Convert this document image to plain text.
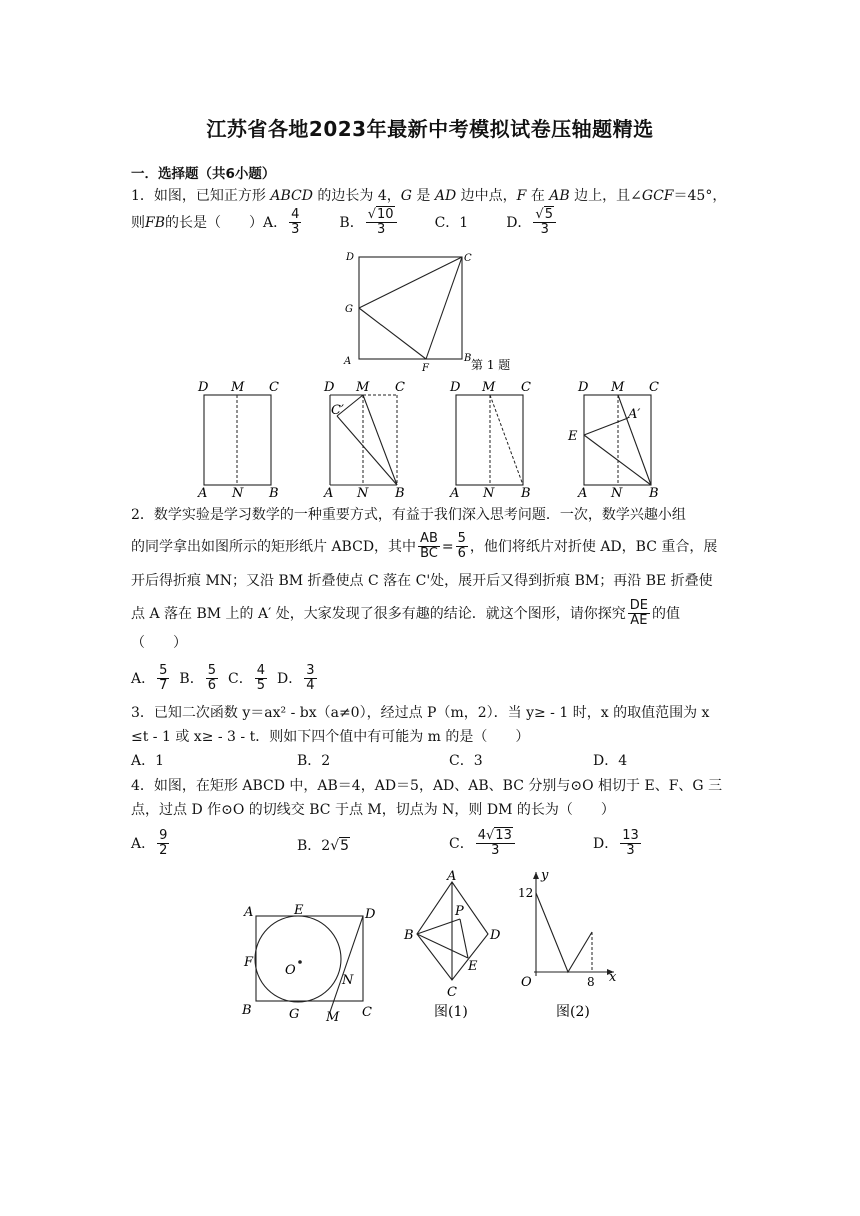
江苏省各地2023年最新中考模拟试卷压轴题精选
一．选择题（共6小题）
1．如图，已知正方形 ABCD 的边长为 4，G 是 AD 边中点，F 在 AB 边上，且∠GCF＝45°，
则 FB 的长是（　　）A． $\frac{4}{3}$	B． $\frac{√10}{3}$	C．1	D． $\frac{√5}{3}$
D	C
G
A
F
B 第 1 题
D M C
A N B
D M C
C′
A N B
D M C
A N B
D M C
E
A′
A N B
2．数学实验是学习数学的一种重要方式，有益于我们深入思考问题．一次，数学兴趣小组
的同学拿出如图所示的矩形纸片 ABCD，其中 $\frac{AB}{BC} = \frac{5}{6}$ ，他们将纸片对折使 AD，BC 重合，展
开后得折痕 MN；又沿 BM 折叠使点 C 落在 C'处，展开后又得到折痕 BM；再沿 BE 折叠使
点 A 落在 BM 上的 A′ 处，大家发现了很多有趣的结论．就这个图形，请你探究 $\frac{DE}{AE}$ 的值
（　　）
A． $\frac{5}{7}$ B． $\frac{5}{6}$ C． $\frac{4}{5}$ D． $\frac{3}{4}$
3．已知二次函数 y＝ax² - bx（a≠0），经过点 P（m，2）．当 y≥ - 1 时，x 的取值范围为 x
≤t - 1 或 x≥ - 3 - t．则如下四个值中有可能为 m 的是（　　）
A．1	B．2	C．3	D．4
4．如图，在矩形 ABCD 中，AB＝4，AD＝5，AD、AB、BC 分别与⊙O 相切于 E、F、G 三
点，过点 D 作⊙O 的切线交 BC 于点 M，切点为 N，则 DM 的长为（　　）
A． $\frac{9}{2}$	B．2√5	C． $\frac{4√13}{3}$	D． $\frac{13}{3}$
A	E	D
F
O
N
B	G M C
A
P
B	D
E
C
图(1)
y
12
O	8 x
图(2)
